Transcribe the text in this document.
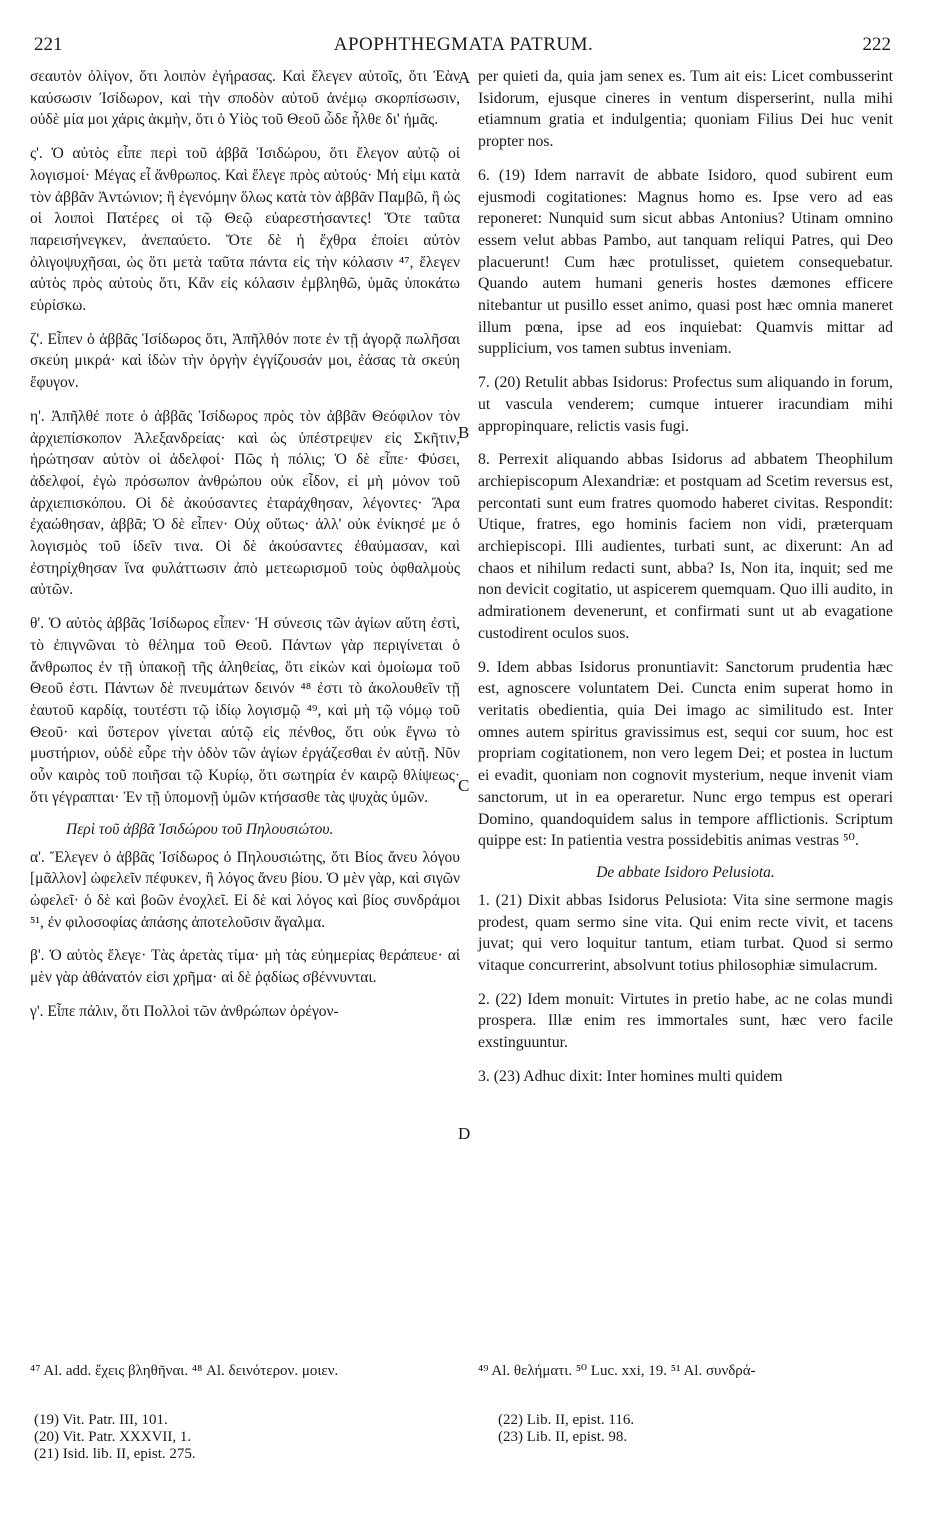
221	APOPHTHEGMATA PATRUM.	222
A
B
C
D

σεαυτὸν ὀλίγον, ὅτι λοιπὸν ἐγήρασας. Καὶ ἔλεγεν αὐτοῖς, ὅτι Ἐὰν καύσωσιν Ἰσίδωρον, καὶ τὴν σποδὸν αὐτοῦ ἀνέμῳ σκορπίσωσιν, οὐδὲ μία μοι χάρις ἀκμὴν, ὅτι ὁ Υἱὸς τοῦ Θεοῦ ὧδε ἦλθε δι' ἡμᾶς.

ς'. Ὁ αὐτὸς εἶπε περὶ τοῦ ἀββᾶ Ἰσιδώρου, ὅτι ἔλεγον αὐτῷ οἱ λογισμοί· Μέγας εἶ ἄνθρωπος. Καὶ ἔλεγε πρὸς αὐτούς· Μή εἰμι κατὰ τὸν ἀββᾶν Ἀντώνιον; ἢ ἐγενόμην ὅλως κατὰ τὸν ἀββᾶν Παμβῶ, ἢ ὡς οἱ λοιποὶ Πατέρες οἱ τῷ Θεῷ εὐαρεστήσαντες! Ὅτε ταῦτα παρεισήνεγκεν, ἀνεπαύετο. Ὅτε δὲ ἡ ἔχθρα ἐποίει αὐτὸν ὀλιγοψυχῆσαι, ὡς ὅτι μετὰ ταῦτα πάντα εἰς τὴν κόλασιν ⁴⁷, ἔλεγεν αὐτὸς πρὸς αὐτοὺς ὅτι, Κἂν εἰς κόλασιν ἐμβληθῶ, ὑμᾶς ὑποκάτω εὑρίσκω.

ζ'. Εἶπεν ὁ ἀββᾶς Ἰσίδωρος ὅτι, Ἀπῆλθόν ποτε ἐν τῇ ἀγορᾷ πωλῆσαι σκεύη μικρά· καὶ ἰδὼν τὴν ὀργὴν ἐγγίζουσάν μοι, ἐάσας τὰ σκεύη ἔφυγον.

η'. Ἀπῆλθέ ποτε ὁ ἀββᾶς Ἰσίδωρος πρὸς τὸν ἀββᾶν Θεόφιλον τὸν ἀρχιεπίσκοπον Ἀλεξανδρείας· καὶ ὡς ὑπέστρεψεν εἰς Σκῆτιν, ἠρώτησαν αὐτὸν οἱ ἀδελφοί· Πῶς ἡ πόλις; Ὁ δὲ εἶπε· Φύσει, ἀδελφοί, ἐγὼ πρόσωπον ἀνθρώπου οὐκ εἶδον, εἰ μὴ μόνον τοῦ ἀρχιεπισκόπου. Οἱ δὲ ἀκούσαντες ἐταράχθησαν, λέγοντες· Ἄρα ἐχαώθησαν, ἀββᾶ; Ὁ δὲ εἶπεν· Οὐχ οὕτως· ἀλλ' οὐκ ἐνίκησέ με ὁ λογισμὸς τοῦ ἰδεῖν τινα. Οἱ δὲ ἀκούσαντες ἐθαύμασαν, καὶ ἐστηρίχθησαν ἵνα φυλάττωσιν ἀπὸ μετεωρισμοῦ τοὺς ὀφθαλμοὺς αὐτῶν.

θ'. Ὁ αὐτὸς ἀββᾶς Ἰσίδωρος εἶπεν· Ἡ σύνεσις τῶν ἁγίων αὕτη ἐστὶ, τὸ ἐπιγνῶναι τὸ θέλημα τοῦ Θεοῦ. Πάντων γὰρ περιγίνεται ὁ ἄνθρωπος ἐν τῇ ὑπακοῇ τῆς ἀληθείας, ὅτι εἰκὼν καὶ ὁμοίωμα τοῦ Θεοῦ ἐστι. Πάντων δὲ πνευμάτων δεινόν ⁴⁸ ἐστι τὸ ἀκολουθεῖν τῇ ἑαυτοῦ καρδίᾳ, τουτέστι τῷ ἰδίῳ λογισμῷ ⁴⁹, καὶ μὴ τῷ νόμῳ τοῦ Θεοῦ· καὶ ὕστερον γίνεται αὐτῷ εἰς πένθος, ὅτι οὐκ ἔγνω τὸ μυστήριον, οὐδὲ εὗρε τὴν ὁδὸν τῶν ἁγίων ἐργάζεσθαι ἐν αὐτῇ. Νῦν οὖν καιρὸς τοῦ ποιῆσαι τῷ Κυρίῳ, ὅτι σωτηρία ἐν καιρῷ θλίψεως· ὅτι γέγραπται· Ἐν τῇ ὑπομονῇ ὑμῶν κτήσασθε τὰς ψυχὰς ὑμῶν.

Περὶ τοῦ ἀββᾶ Ἰσιδώρου τοῦ Πηλουσιώτου.

α'. Ἔλεγεν ὁ ἀββᾶς Ἰσίδωρος ὁ Πηλουσιώτης, ὅτι Βίος ἄνευ λόγου [μᾶλλον] ὠφελεῖν πέφυκεν, ἢ λόγος ἄνευ βίου. Ὁ μὲν γὰρ, καὶ σιγῶν ὠφελεῖ· ὁ δὲ καὶ βοῶν ἐνοχλεῖ. Εἰ δὲ καὶ λόγος καὶ βίος συνδράμοι ⁵¹, ἐν φιλοσοφίας ἁπάσης ἀποτελοῦσιν ἄγαλμα.

β'. Ὁ αὐτὸς ἔλεγε· Τὰς ἀρετὰς τίμα· μὴ τὰς εὐημερίας θεράπευε· αἱ μὲν γὰρ ἀθάνατόν εἰσι χρῆμα· αἱ δὲ ῥᾳδίως σβέννυνται.

γ'. Εἶπε πάλιν, ὅτι Πολλοὶ τῶν ἀνθρώπων ὀρέγον-

per quieti da, quia jam senex es. Tum ait eis: Licet combusserint Isidorum, ejusque cineres in ventum disperserint, nulla mihi etiamnum gratia et indulgentia; quoniam Filius Dei huc venit propter nos.

6. (19) Idem narravit de abbate Isidoro, quod subirent eum ejusmodi cogitationes: Magnus homo es. Ipse vero ad eas reponeret: Nunquid sum sicut abbas Antonius? Utinam omnino essem velut abbas Pambo, aut tanquam reliqui Patres, qui Deo placuerunt! Cum hæc protulisset, quietem consequebatur. Quando autem humani generis hostes dæmones efficere nitebantur ut pusillo esset animo, quasi post hæc omnia maneret illum pœna, ipse ad eos inquiebat: Quamvis mittar ad supplicium, vos tamen subtus inveniam.

7. (20) Retulit abbas Isidorus: Profectus sum aliquando in forum, ut vascula venderem; cumque intuerer iracundiam mihi appropinquare, relictis vasis fugi.

8. Perrexit aliquando abbas Isidorus ad abbatem Theophilum archiepiscopum Alexandriæ: et postquam ad Scetim reversus est, percontati sunt eum fratres quomodo haberet civitas. Respondit: Utique, fratres, ego hominis faciem non vidi, præterquam archiepiscopi. Illi audientes, turbati sunt, ac dixerunt: An ad chaos et nihilum redacti sunt, abba? Is, Non ita, inquit; sed me non devicit cogitatio, ut aspicerem quemquam. Quo illi audito, in admirationem devenerunt, et confirmati sunt ut ab evagatione custodirent oculos suos.

9. Idem abbas Isidorus pronuntiavit: Sanctorum prudentia hæc est, agnoscere voluntatem Dei. Cuncta enim superat homo in veritatis obedientia, quia Dei imago ac similitudo est. Inter omnes autem spiritus gravissimus est, sequi cor suum, hoc est propriam cogitationem, non vero legem Dei; et postea in luctum ei evadit, quoniam non cognovit mysterium, neque invenit viam sanctorum, ut in ea operaretur. Nunc ergo tempus est operari Domino, quandoquidem salus in tempore afflictionis. Scriptum quippe est: In patientia vestra possidebitis animas vestras ⁵⁰.

De abbate Isidoro Pelusiota.

1. (21) Dixit abbas Isidorus Pelusiota: Vita sine sermone magis prodest, quam sermo sine vita. Qui enim recte vivit, et tacens juvat; qui vero loquitur tantum, etiam turbat. Quod si sermo vitaque concurrerint, absolvunt totius philosophiæ simulacrum.

2. (22) Idem monuit: Virtutes in pretio habe, ac ne colas mundi prospera. Illæ enim res immortales sunt, hæc vero facile exstinguuntur.

3. (23) Adhuc dixit: Inter homines multi quidem

⁴⁷ Al. add. ἔχεις βληθῆναι. ⁴⁸ Al. δεινότερον. μοιεν.	⁴⁹ Al. θελήματι. ⁵⁰ Luc. xxi, 19. ⁵¹ Al. συνδρά-
(19) Vit. Patr. III, 101.
(20) Vit. Patr. XXXVII, 1.
(21) Isid. lib. II, epist. 275.
(22) Lib. II, epist. 116.
(23) Lib. II, epist. 98.
